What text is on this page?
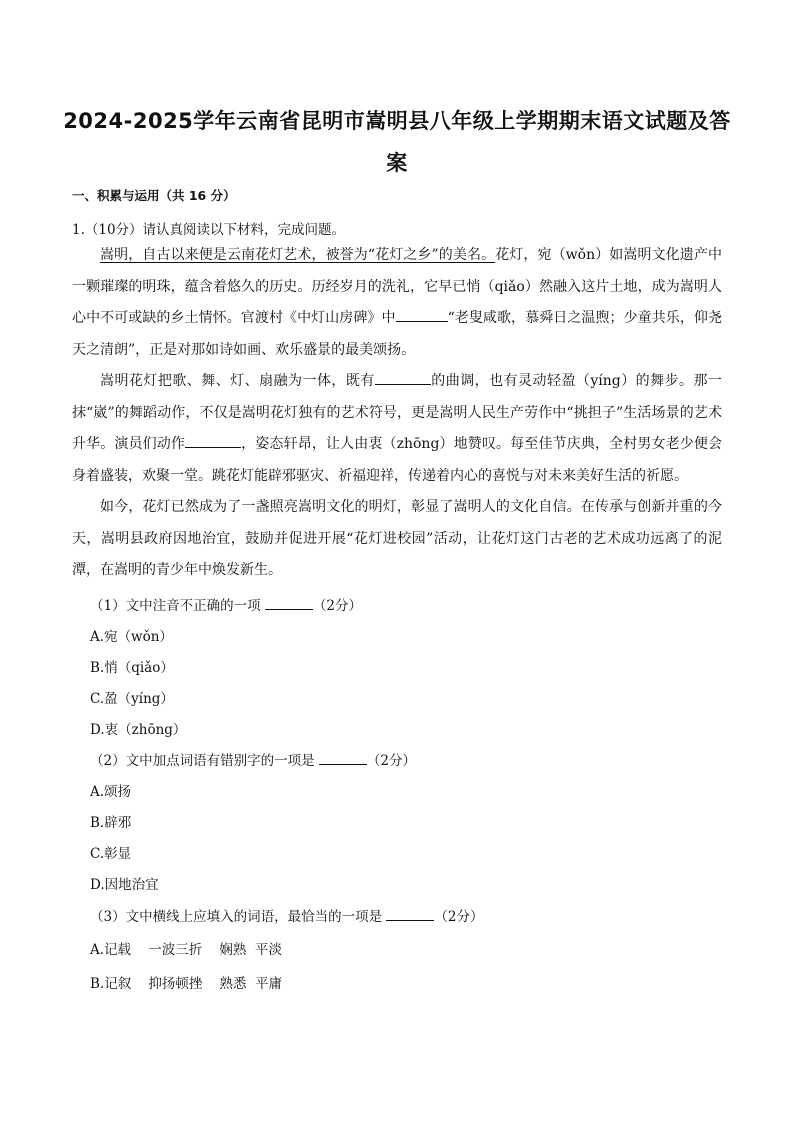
2024-2025学年云南省昆明市嵩明县八年级上学期期末语文试题及答案
一、积累与运用（共 16 分）
1.（10分）请认真阅读以下材料，完成问题。
嵩明，自古以来便是云南花灯艺术，被誉为“花灯之乡”的美名。花灯，宛（wǒn）如嵩明文化遗产中一颗璀璨的明珠，蕴含着悠久的历史。历经岁月的洗礼，它早已悄（qiǎo）然融入这片土地，成为嵩明人心中不可或缺的乡土情怀。官渡村《中灯山房碑》中	“老叟咸歌，慕舜日之温煦；少童共乐，仰尧天之清朗”，正是对那如诗如画、欢乐盛景的最美颂扬。
嵩明花灯把歌、舞、灯、扇融为一体，既有	的曲调，也有灵动轻盈（yíng）的舞步。那一抹“崴”的舞蹈动作，不仅是嵩明花灯独有的艺术符号，更是嵩明人民生产劳作中“挑担子”生活场景的艺术升华。演员们动作	，姿态轩昂，让人由衷（zhōng）地赞叹。每至佳节庆典，全村男女老少便会身着盛装，欢聚一堂。跳花灯能辟邪驱灾、祈福迎祥，传递着内心的喜悦与对未来美好生活的祈愿。
如今，花灯已然成为了一盏照亮嵩明文化的明灯，彰显了嵩明人的文化自信。在传承与创新并重的今天，嵩明县政府因地治宜，鼓励并促进开展“花灯进校园”活动，让花灯这门古老的艺术成功远离了的泥潭，在嵩明的青少年中焕发新生。
（1）文中注音不正确的一项	（2分）
A.宛（wǒn）
B.悄（qiǎo）
C.盈（yíng）
D.衷（zhōng）
（2）文中加点词语有错别字的一项是	（2分）
A.颂扬
B.辟邪
C.彰显
D.因地治宜
（3）文中横线上应填入的词语，最恰当的一项是	（2分）
A.记载    一波三折    娴熟  平淡
B.记叙    抑扬顿挫    熟悉  平庸
